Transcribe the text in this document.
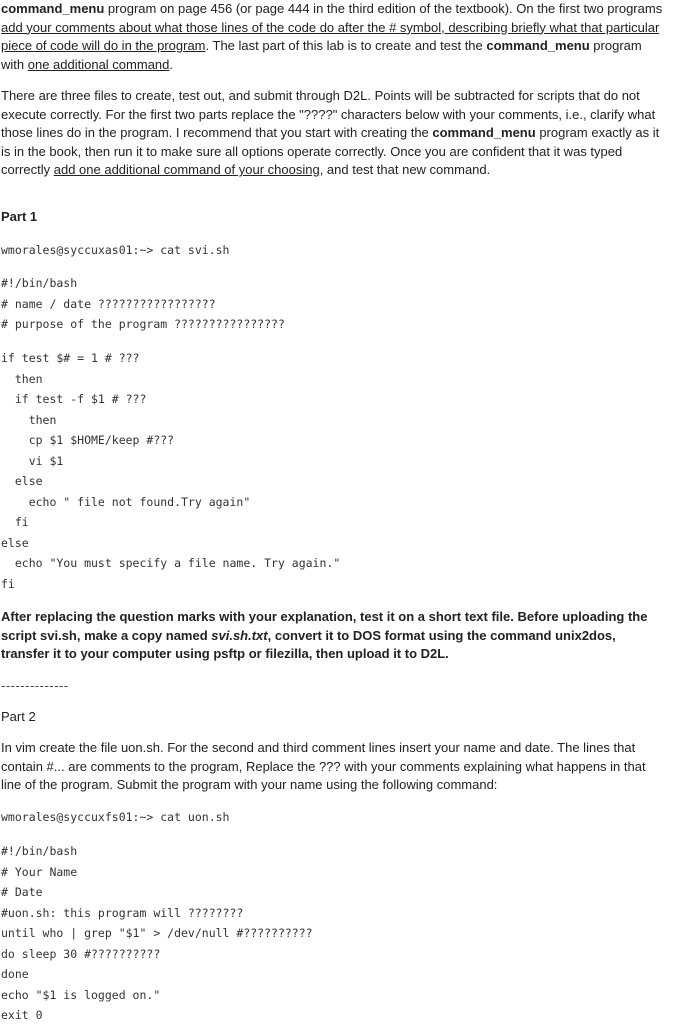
command_menu program on page 456 (or page 444 in the third edition of the textbook). On the first two programs add your comments about what those lines of the code do after the # symbol, describing briefly what that particular piece of code will do in the program. The last part of this lab is to create and test the command_menu program with one additional command.

There are three files to create, test out, and submit through D2L. Points will be subtracted for scripts that do not execute correctly. For the first two parts replace the "????" characters below with your comments, i.e., clarify what those lines do in the program. I recommend that you start with creating the command_menu program exactly as it is in the book, then run it to make sure all options operate correctly. Once you are confident that it was typed correctly add one additional command of your choosing, and test that new command.

Part 1
wmorales@syccuxas01:~> cat svi.sh
#!/bin/bash
# name / date ?????????????????
# purpose of the program ????????????????
if test $# = 1 # ???
then
if test -f $1 # ???
then
cp $1 $HOME/keep #???
vi $1
else
echo " file not found.Try again"
fi
else
echo "You must specify a file name. Try again."
fi

After replacing the question marks with your explanation, test it on a short text file. Before uploading the script svi.sh, make a copy named svi.sh.txt, convert it to DOS format using the command unix2dos, transfer it to your computer using psftp or filezilla, then upload it to D2L.

--------------
Part 2

In vim create the file uon.sh. For the second and third comment lines insert your name and date. The lines that contain #... are comments to the program, Replace the ??? with your comments explaining what happens in that line of the program. Submit the program with your name using the following command:

wmorales@syccuxfs01:~> cat uon.sh
#!/bin/bash
# Your Name
# Date
#uon.sh: this program will ????????
until who | grep "$1" > /dev/null #??????????
do sleep 30 #??????????
done
echo "$1 is logged on."
exit 0
